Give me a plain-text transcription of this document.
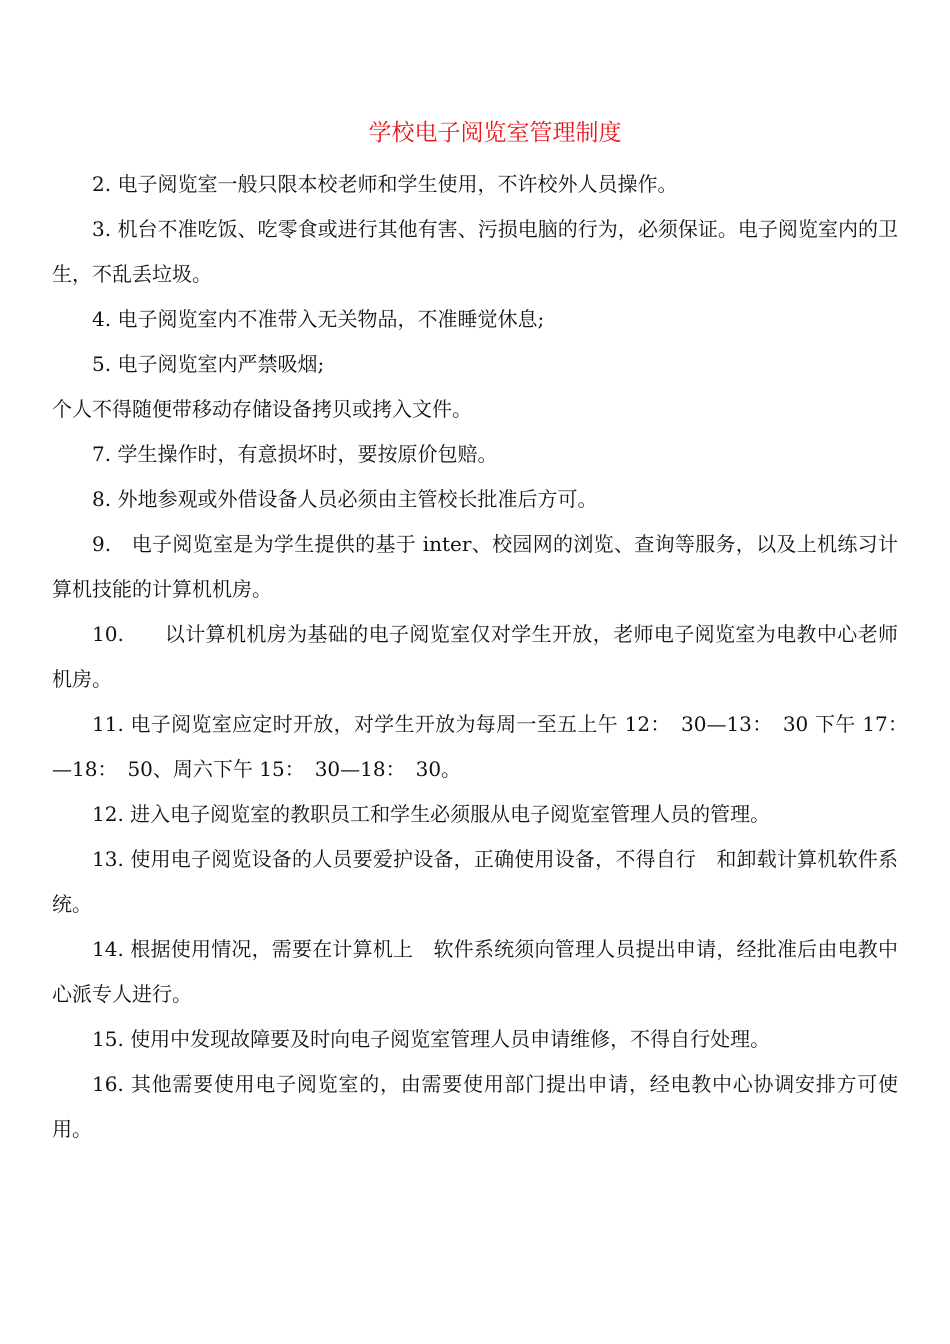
学校电子阅览室管理制度

2. 电子阅览室一般只限本校老师和学生使用，不许校外人员操作。

3. 机台不准吃饭、吃零食或进行其他有害、污损电脑的行为，必须保证。电子阅览室内的卫生，不乱丢垃圾。

4. 电子阅览室内不准带入无关物品，不准睡觉休息;

5. 电子阅览室内严禁吸烟;

个人不得随便带移动存储设备拷贝或拷入文件。

7. 学生操作时，有意损坏时，要按原价包赔。

8. 外地参观或外借设备人员必须由主管校长批准后方可。

9.　电子阅览室是为学生提供的基于 inter、校园网的浏览、查询等服务，以及上机练习计算机技能的计算机机房。

10.　　以计算机机房为基础的电子阅览室仅对学生开放，老师电子阅览室为电教中心老师机房。

11. 电子阅览室应定时开放，对学生开放为每周一至五上午 12：　30—13：　30 下午 17：　—18：　50、周六下午 15：　30—18：　30。

12. 进入电子阅览室的教职员工和学生必须服从电子阅览室管理人员的管理。

13. 使用电子阅览设备的人员要爱护设备，正确使用设备，不得自行　和卸载计算机软件系统。

14. 根据使用情况，需要在计算机上　软件系统须向管理人员提出申请，经批准后由电教中心派专人进行。

15. 使用中发现故障要及时向电子阅览室管理人员申请维修，不得自行处理。

16. 其他需要使用电子阅览室的，由需要使用部门提出申请，经电教中心协调安排方可使用。
